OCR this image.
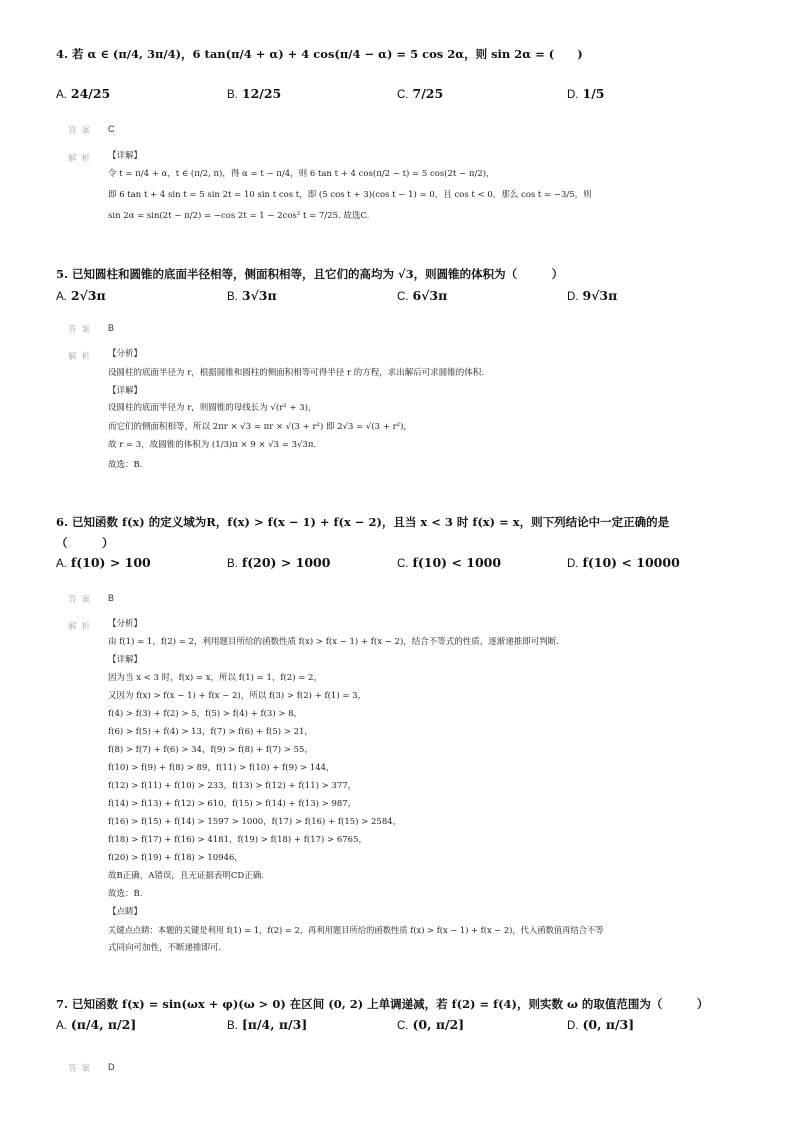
4. 若 α ∈ (π/4, 3π/4)，6 tan(π/4 + α) + 4 cos(π/4 − α) = 5 cos 2α，则 sin 2α = (　　)
A. 24/25	B. 12/25	C. 7/25	D. 1/5
答案 C
解析 【详解】
令 t = π/4 + α，t ∈ (π/2, π)，得 α = t − π/4，则 6 tan t + 4 cos(π/2 − t) = 5 cos(2t − π/2)，
即 6 tan t + 4 sin t = 5 sin 2t = 10 sin t cos t，即 (5 cos t + 3)(cos t − 1) = 0，且 cos t < 0，那么 cos t = −3/5，则
sin 2α = sin(2t − π/2) = −cos 2t = 1 − 2cos² t = 7/25. 故选C.
5. 已知圆柱和圆锥的底面半径相等，侧面积相等，且它们的高均为 √3，则圆锥的体积为（　　　）
A. 2√3π	B. 3√3π	C. 6√3π	D. 9√3π
答案 B
解析 【分析】
设圆柱的底面半径为 r，根据圆锥和圆柱的侧面积相等可得半径 r 的方程，求出解后可求圆锥的体积.
【详解】
设圆柱的底面半径为 r，则圆锥的母线长为 √(r² + 3)，
而它们的侧面积相等，所以 2πr × √3 = πr × √(3 + r²) 即 2√3 = √(3 + r²)，
故 r = 3，故圆锥的体积为 (1/3)π × 9 × √3 = 3√3π.
故选：B.
6. 已知函数 f(x) 的定义域为R，f(x) > f(x − 1) + f(x − 2)，且当 x < 3 时 f(x) = x，则下列结论中一定正确的是
（　　　）
A. f(10) > 100	B. f(20) > 1000	C. f(10) < 1000	D. f(10) < 10000
答案 B
解析 【分析】
由 f(1) = 1，f(2) = 2，利用题目所给的函数性质 f(x) > f(x − 1) + f(x − 2)，结合不等式的性质，逐渐递推即可判断.
【详解】
因为当 x < 3 时，f(x) = x，所以 f(1) = 1，f(2) = 2，
又因为 f(x) > f(x − 1) + f(x − 2)，所以 f(3) > f(2) + f(1) = 3，
f(4) > f(3) + f(2) > 5，f(5) > f(4) + f(3) > 8，
f(6) > f(5) + f(4) > 13，f(7) > f(6) + f(5) > 21，
f(8) > f(7) + f(6) > 34，f(9) > f(8) + f(7) > 55，
f(10) > f(9) + f(8) > 89，f(11) > f(10) + f(9) > 144，
f(12) > f(11) + f(10) > 233，f(13) > f(12) + f(11) > 377，
f(14) > f(13) + f(12) > 610，f(15) > f(14) + f(13) > 987，
f(16) > f(15) + f(14) > 1597 > 1000，f(17) > f(16) + f(15) > 2584，
f(18) > f(17) + f(16) > 4181，f(19) > f(18) + f(17) > 6765，
f(20) > f(19) + f(18) > 10946，
故B正确，A错误，且无证据表明CD正确.
故选：B.
【点睛】
关键点点睛：本题的关键是利用 f(1) = 1，f(2) = 2，再利用题目所给的函数性质 f(x) > f(x − 1) + f(x − 2)，代入函数值再结合不等
式同向可加性，不断递推即可.
7. 已知函数 f(x) = sin(ωx + φ)(ω > 0) 在区间 (0, 2) 上单调递减，若 f(2) = f(4)，则实数 ω 的取值范围为（　　　）
A. (π/4, π/2]	B. [π/4, π/3]	C. (0, π/2]	D. (0, π/3]
答案 D
